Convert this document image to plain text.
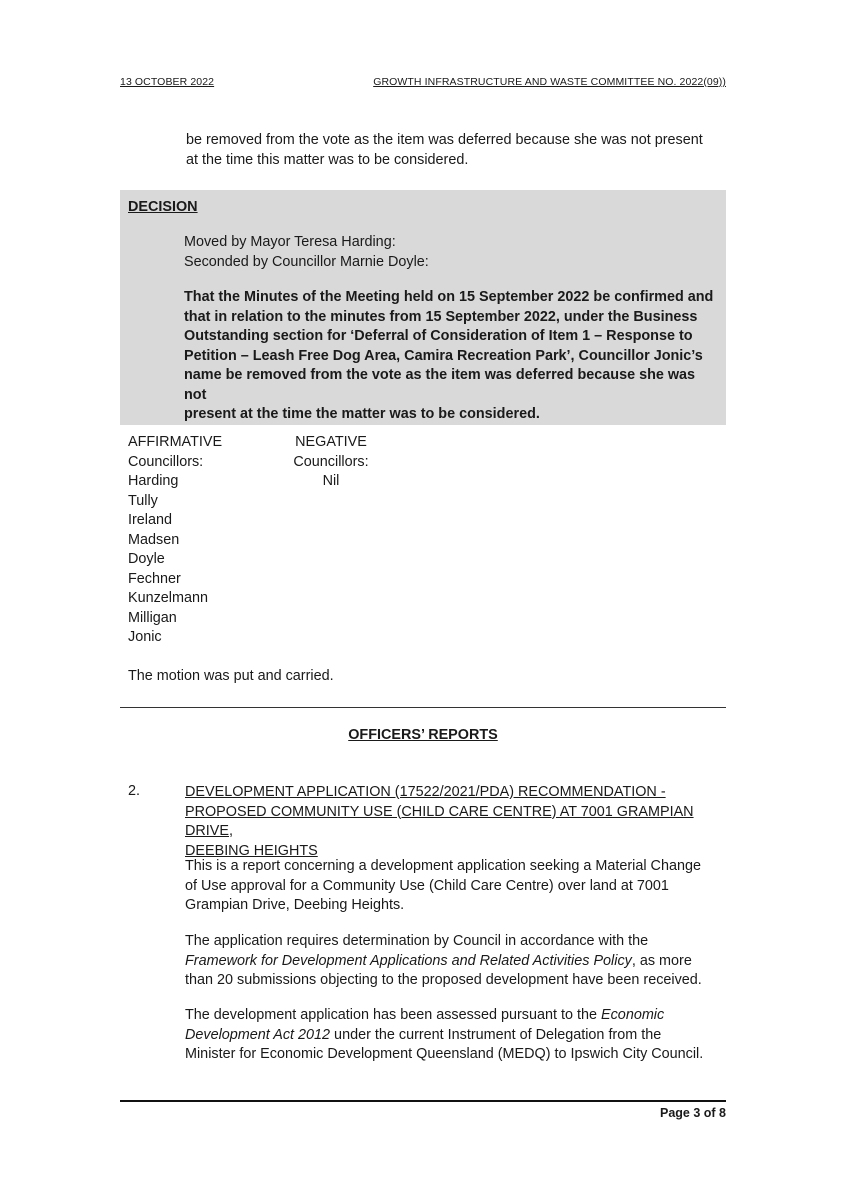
13 OCTOBER 2022	GROWTH INFRASTRUCTURE AND WASTE COMMITTEE NO. 2022(09))
be removed from the vote as the item was deferred because she was not present
at the time this matter was to be considered.
DECISION
Moved by Mayor Teresa Harding:
Seconded by Councillor Marnie Doyle:
That the Minutes of the Meeting held on 15 September 2022 be confirmed and
that in relation to the minutes from 15 September 2022, under the Business
Outstanding section for ‘Deferral of Consideration of Item 1 – Response to
Petition – Leash Free Dog Area, Camira Recreation Park’, Councillor Jonic’s
name be removed from the vote as the item was deferred because she was not
present at the time the matter was to be considered.
AFFIRMATIVE
Councillors:
Harding
Tully
Ireland
Madsen
Doyle
Fechner
Kunzelmann
Milligan
Jonic
NEGATIVE
Councillors:
Nil
The motion was put and carried.
OFFICERS’ REPORTS
2.	DEVELOPMENT APPLICATION (17522/2021/PDA) RECOMMENDATION -
PROPOSED COMMUNITY USE (CHILD CARE CENTRE) AT 7001 GRAMPIAN DRIVE,
DEEBING HEIGHTS
This is a report concerning a development application seeking a Material Change
of Use approval for a Community Use (Child Care Centre) over land at 7001
Grampian Drive, Deebing Heights.
The application requires determination by Council in accordance with the
Framework for Development Applications and Related Activities Policy, as more
than 20 submissions objecting to the proposed development have been received.
The development application has been assessed pursuant to the Economic
Development Act 2012 under the current Instrument of Delegation from the
Minister for Economic Development Queensland (MEDQ) to Ipswich City Council.
Page 3 of 8
